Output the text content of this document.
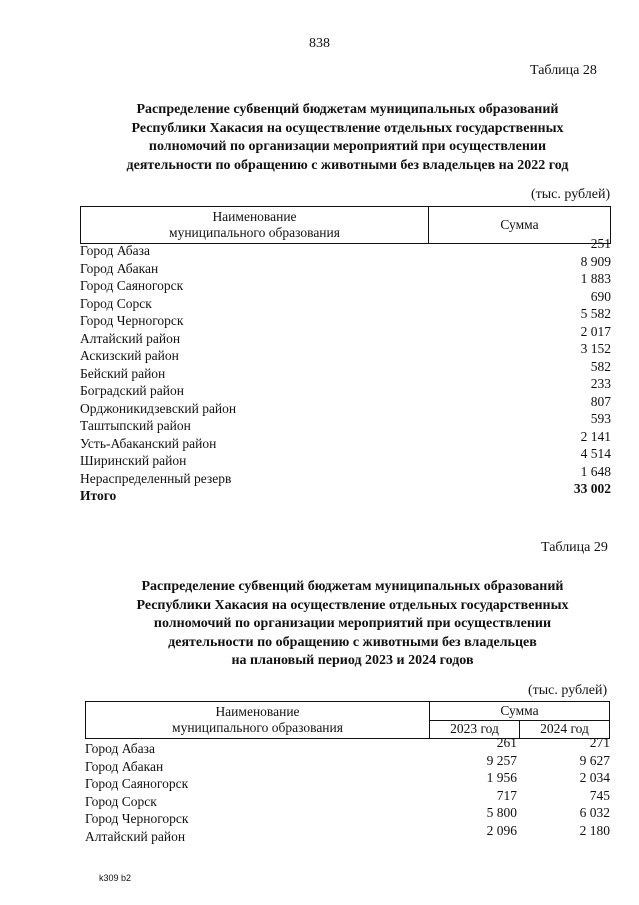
838
Таблица 28
Распределение субвенций бюджетам муниципальных образований
Республики Хакасия на осуществление отдельных государственных
полномочий по организации мероприятий при осуществлении
деятельности по обращению с животными без владельцев на 2022 год
(тыс. рублей)
Наименование
муниципального образования
	Сумма
Город Абаза	251
Город Абакан	8 909
Город Саяногорск	1 883
Город Сорск	690
Город Черногорск	5 582
Алтайский район	2 017
Аскизский район	3 152
Бейский район	582
Боградский район	233
Орджоникидзевский район	807
Таштыпский район	593
Усть-Абаканский район	2 141
Ширинский район	4 514
Нераспределенный резерв	1 648
Итого	33 002
Таблица 29
Распределение субвенций бюджетам муниципальных образований
Республики Хакасия на осуществление отдельных государственных
полномочий по организации мероприятий при осуществлении
деятельности по обращению с животными без владельцев
на плановый период 2023 и 2024 годов
(тыс. рублей)
Наименование
муниципального образования	Сумма	
	2023 год	2024 год
Город Абаза	261	271
Город Абакан	9 257	9 627
Город Саяногорск	1 956	2 034
Город Сорск	717	745
Город Черногорск	5 800	6 032
Алтайский район	2 096	2 180
k309 b2
